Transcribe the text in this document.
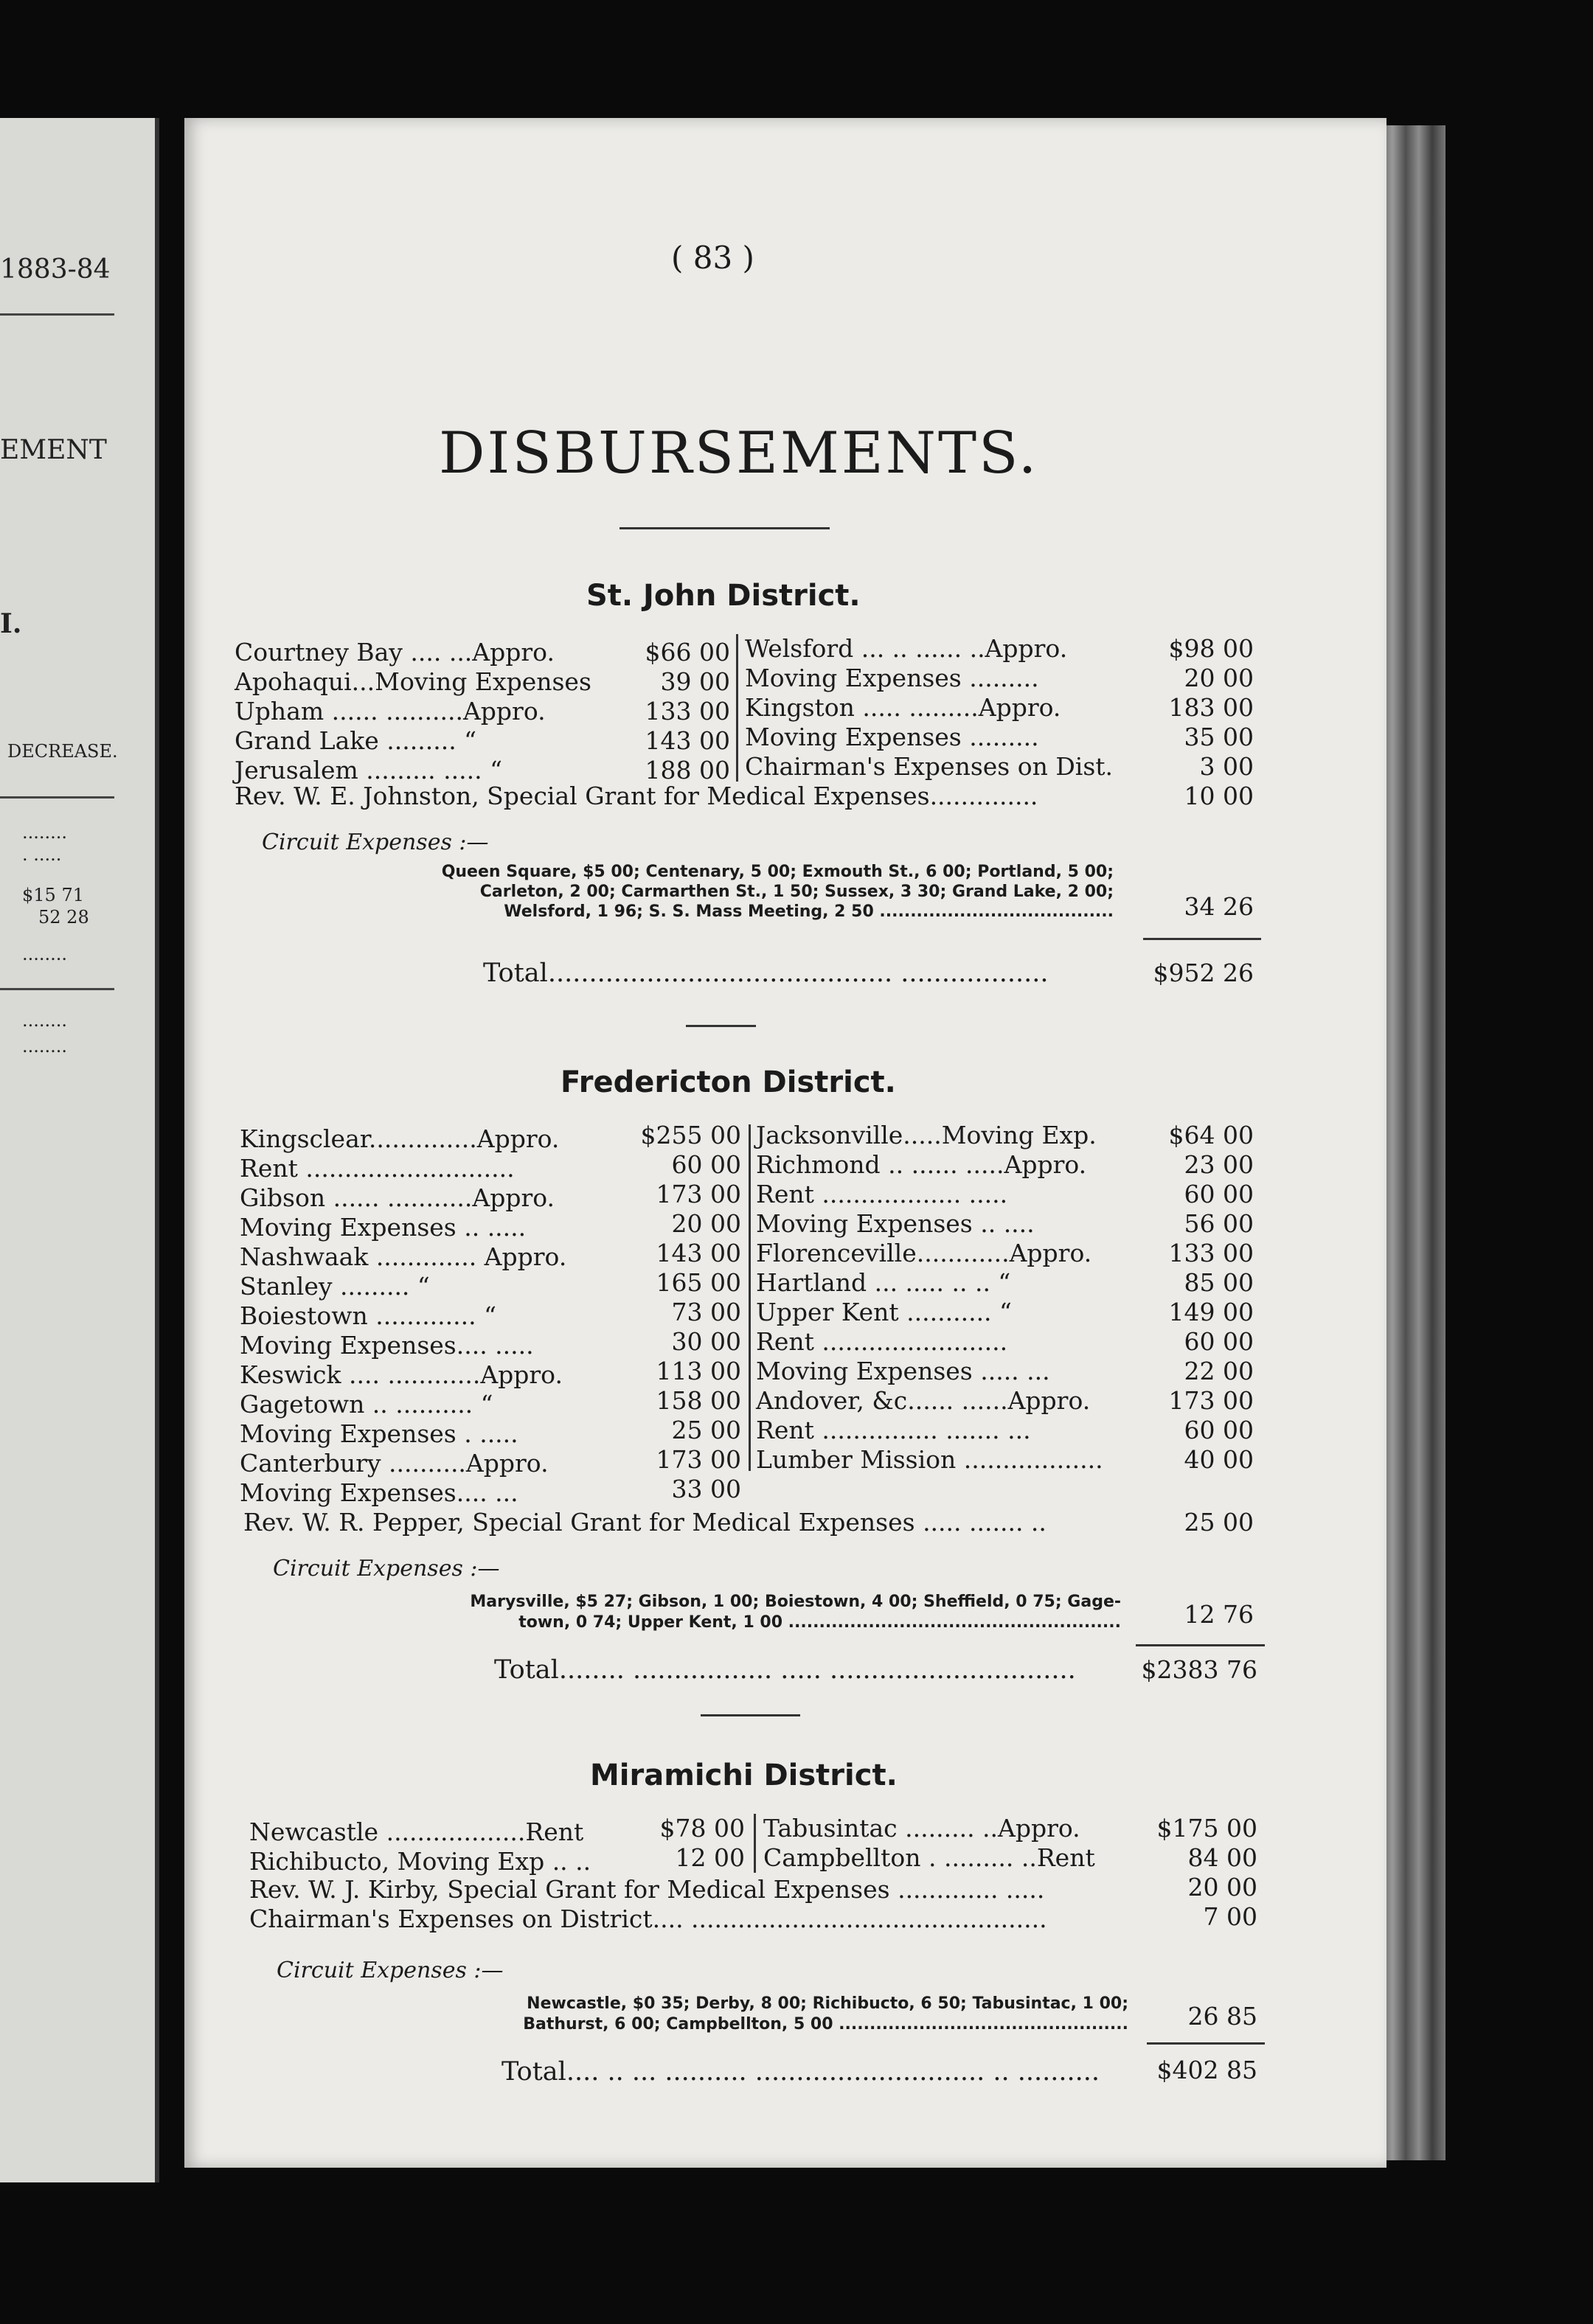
1883-84
EMENT
I.
DECREASE.
........
. .....
$15 71
52 28
........
........
........
( 83 )
DISBURSEMENTS.
St. John District.
Courtney Bay .... ...Appro.	$66 00
Apohaqui...Moving Expenses	39 00
Upham ...... ..........Appro.	133 00
Grand Lake ......... “	143 00
Jerusalem ......... ..... “	188 00
Welsford ... .. ...... ..Appro.	$98 00
Moving Expenses .........	20 00
Kingston ..... .........Appro.	183 00
Moving Expenses .........	35 00
Chairman's Expenses on Dist.	3 00
Rev. W. E. Johnston, Special Grant for Medical Expenses..............	10 00
Circuit Expenses :—
Queen Square, $5 00; Centenary, 5 00; Exmouth St., 6 00; Portland, 5 00;
Carleton, 2 00; Carmarthen St., 1 50; Sussex, 3 30; Grand Lake, 2 00;
Welsford, 1 96; S. S. Mass Meeting, 2 50 ......................................	34 26
Total.......................................... ..................	$952 26
Fredericton District.
Kingsclear..............Appro.	$255 00
Rent ...........................	60 00
Gibson ...... ...........Appro.	173 00
Moving Expenses .. .....	20 00
Nashwaak ............. Appro.	143 00
Stanley ......... “	165 00
Boiestown ............. “	73 00
Moving Expenses.... .....	30 00
Keswick .... ............Appro.	113 00
Gagetown .. .......... “	158 00
Moving Expenses . .....	25 00
Canterbury ..........Appro.	173 00
Moving Expenses.... ...	33 00
Jacksonville.....Moving Exp.	$64 00
Richmond .. ...... .....Appro.	23 00
Rent .................. .....	60 00
Moving Expenses .. ....	56 00
Florenceville............Appro.	133 00
Hartland ... ..... .. .. “	85 00
Upper Kent ........... “	149 00
Rent ........................	60 00
Moving Expenses ..... ...	22 00
Andover, &c...... ......Appro.	173 00
Rent ............... ....... ...	60 00
Lumber Mission ..................	40 00
Rev. W. R. Pepper, Special Grant for Medical Expenses ..... ....... ..	25 00
Circuit Expenses :—
Marysville, $5 27; Gibson, 1 00; Boiestown, 4 00; Sheffield, 0 75; Gage-
town, 0 74; Upper Kent, 1 00 ......................................................	12 76
Total........ ................. ..... ..............................	$2383 76
Miramichi District.
Newcastle ..................Rent	$78 00
Richibucto, Moving Exp .. ..	12 00
Tabusintac ......... ..Appro.	$175 00
Campbellton . ......... ..Rent	84 00
Rev. W. J. Kirby, Special Grant for Medical Expenses ............. .....	20 00
Chairman's Expenses on District.... ..............................................	7 00
Circuit Expenses :—
Newcastle, $0 35; Derby, 8 00; Richibucto, 6 50; Tabusintac, 1 00;
Bathurst, 6 00; Campbellton, 5 00 ...............................................	26 85
Total.... .. ... .......... ............................ .. ..........	$402 85
